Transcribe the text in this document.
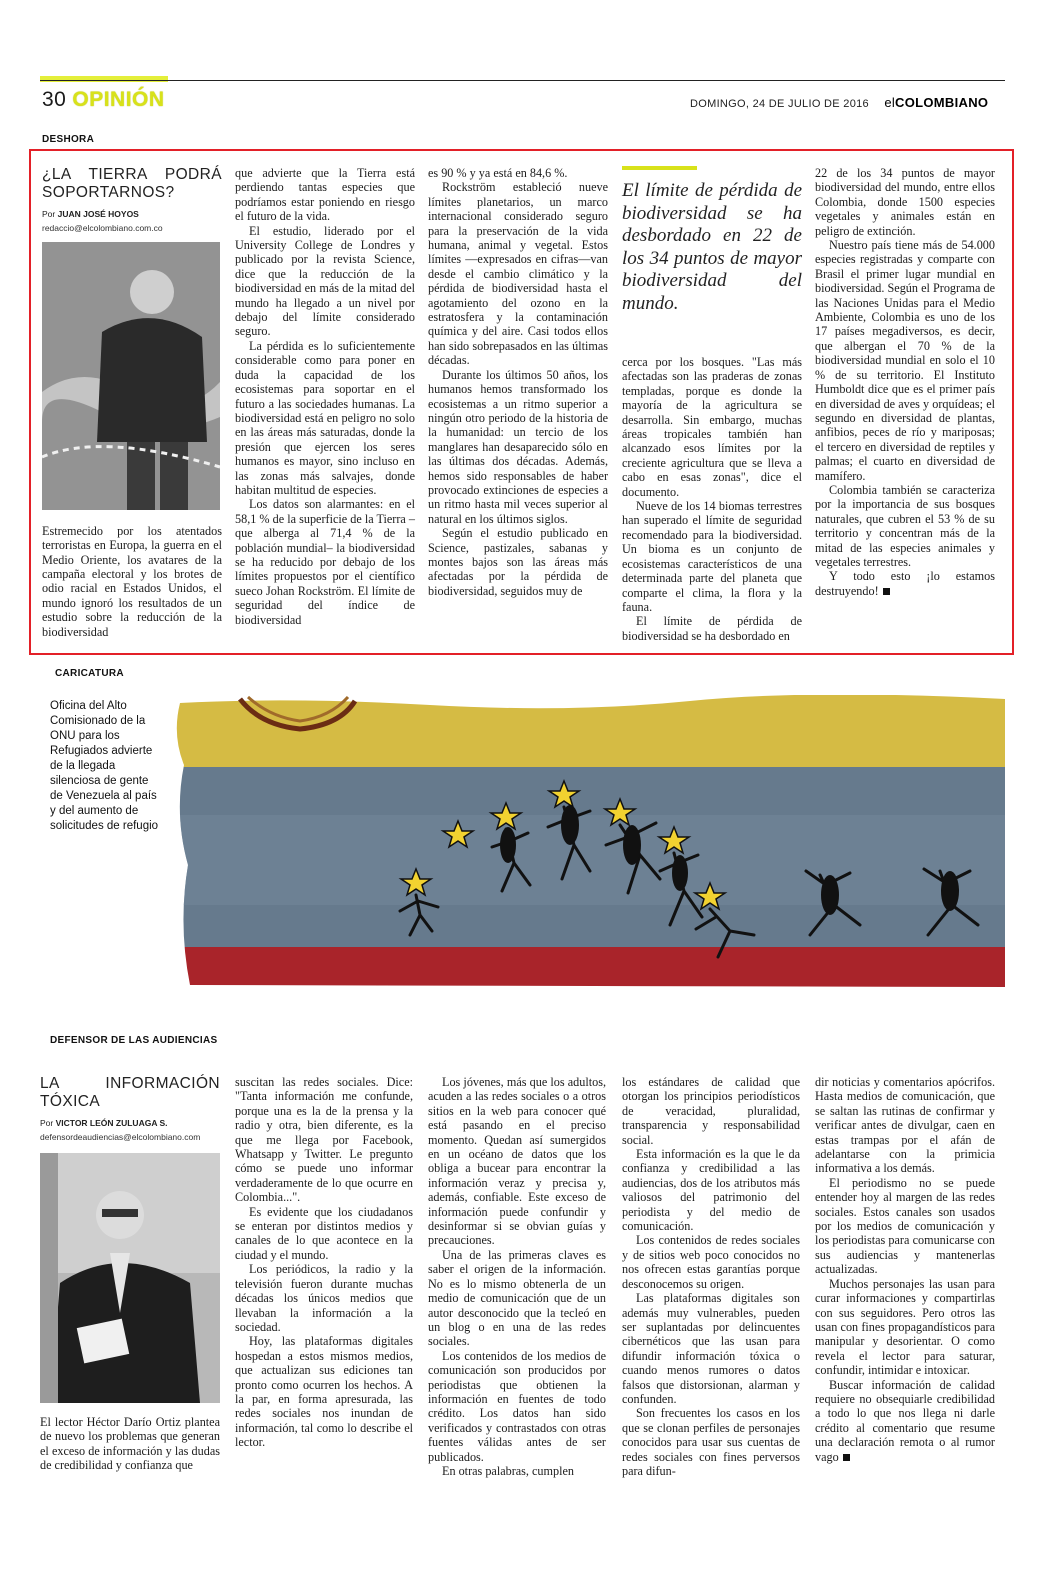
30 OPINIÓN	DOMINGO, 24 DE JULIO DE 2016 elCOLOMBIANO
DESHORA
¿LA TIERRA PODRÁ SOPORTARNOS?
Por JUAN JOSÉ HOYOS
redaccio@elcolombiano.com.co

Estremecido por los atentados terroristas en Europa, la guerra en el Medio Oriente, los avatares de la campaña electoral y los brotes de odio racial en Estados Unidos, el mundo ignoró los resultados de un estudio sobre la reducción de la biodiversidad

que advierte que la Tierra está perdiendo tantas especies que podríamos estar poniendo en riesgo el futuro de la vida.

El estudio, liderado por el University College de Londres y publicado por la revista Science, dice que la reducción de la biodiversidad en más de la mitad del mundo ha llegado a un nivel por debajo del límite considerado seguro.

La pérdida es lo suficientemente considerable como para poner en duda la capacidad de los ecosistemas para soportar en el futuro a las sociedades humanas. La biodiversidad está en peligro no solo en las áreas más saturadas, donde la presión que ejercen los seres humanos es mayor, sino incluso en las zonas más salvajes, donde habitan multitud de especies.

Los datos son alarmantes: en el 58,1 % de la superficie de la Tierra –que alberga al 71,4 % de la población mundial– la biodiversidad se ha reducido por debajo de los límites propuestos por el científico sueco Johan Rockström. El límite de seguridad del índice de biodiversidad

es 90 % y ya está en 84,6 %.

Rockström estableció nueve límites planetarios, un marco internacional considerado seguro para la preservación de la vida humana, animal y vegetal. Estos límites —expresados en cifras—van desde el cambio climático y la pérdida de biodiversidad hasta el agotamiento del ozono en la estratosfera y la contaminación química y del aire. Casi todos ellos han sido sobrepasados en las últimas décadas.

Durante los últimos 50 años, los humanos hemos transformado los ecosistemas a un ritmo superior a ningún otro periodo de la historia de la humanidad: un tercio de los manglares han desaparecido sólo en las últimas dos décadas. Además, hemos sido responsables de haber provocado extinciones de especies a un ritmo hasta mil veces superior al natural en los últimos siglos.

Según el estudio publicado en Science, pastizales, sabanas y montes bajos son las áreas más afectadas por la pérdida de biodiversidad, seguidos muy de

El límite de pérdida de biodiversidad se ha desbordado en 22 de los 34 puntos de mayor biodiversidad del mundo.

cerca por los bosques. "Las más afectadas son las praderas de zonas templadas, porque es donde la mayoría de la agricultura se desarrolla. Sin embargo, muchas áreas tropicales también han alcanzado esos límites por la creciente agricultura que se lleva a cabo en esas zonas", dice el documento.

Nueve de los 14 biomas terrestres han superado el límite de seguridad recomendado para la biodiversidad. Un bioma es un conjunto de ecosistemas característicos de una determinada parte del planeta que comparte el clima, la flora y la fauna.

El límite de pérdida de biodiversidad se ha desbordado en

22 de los 34 puntos de mayor biodiversidad del mundo, entre ellos Colombia, donde 1500 especies vegetales y animales están en peligro de extinción.

Nuestro país tiene más de 54.000 especies registradas y comparte con Brasil el primer lugar mundial en biodiversidad. Según el Programa de las Naciones Unidas para el Medio Ambiente, Colombia es uno de los 17 países megadiversos, es decir, que albergan el 70 % de la biodiversidad mundial en solo el 10 % de su territorio. El Instituto Humboldt dice que es el primer país en diversidad de aves y orquídeas; el segundo en diversidad de plantas, anfibios, peces de río y mariposas; el tercero en diversidad de reptiles y palmas; el cuarto en diversidad de mamífero.

Colombia también se caracteriza por la importancia de sus bosques naturales, que cubren el 53 % de su territorio y concentran más de la mitad de las especies animales y vegetales terrestres.

Y todo esto ¡lo estamos destruyendo!

CARICATURA
Oficina del Alto Comisionado de la ONU para los Refugiados advierte de la llegada silenciosa de gente de Venezuela al país y del aumento de solicitudes de refugio
DEFENSOR DE LAS AUDIENCIAS
LA INFORMACIÓN TÓXICA
Por VICTOR LEÓN ZULUAGA S.
defensordeaudiencias@elcolombiano.com

El lector Héctor Darío Ortiz plantea de nuevo los problemas que generan el exceso de información y las dudas de credibilidad y confianza que

suscitan las redes sociales. Dice: "Tanta información me confunde, porque una es la de la prensa y la radio y otra, bien diferente, es la que me llega por Facebook, Whatsapp y Twitter. Le pregunto cómo se puede uno informar verdaderamente de lo que ocurre en Colombia...".

Es evidente que los ciudadanos se enteran por distintos medios y canales de lo que acontece en la ciudad y el mundo.

Los periódicos, la radio y la televisión fueron durante muchas décadas los únicos medios que llevaban la información a la sociedad.

Hoy, las plataformas digitales hospedan a estos mismos medios, que actualizan sus ediciones tan pronto como ocurren los hechos. A la par, en forma apresurada, las redes sociales nos inundan de información, tal como lo describe el lector.

Los jóvenes, más que los adultos, acuden a las redes sociales o a otros sitios en la web para conocer qué está pasando en el preciso momento. Quedan así sumergidos en un océano de datos que los obliga a bucear para encontrar la información veraz y precisa y, además, confiable. Este exceso de información puede confundir y desinformar si se obvian guías y precauciones.

Una de las primeras claves es saber el origen de la información. No es lo mismo obtenerla de un medio de comunicación que de un autor desconocido que la tecleó en un blog o en una de las redes sociales.

Los contenidos de los medios de comunicación son producidos por periodistas que obtienen la información en fuentes de todo crédito. Los datos han sido verificados y contrastados con otras fuentes válidas antes de ser publicados.

En otras palabras, cumplen

los estándares de calidad que otorgan los principios periodísticos de veracidad, pluralidad, transparencia y responsabilidad social.

Esta información es la que le da confianza y credibilidad a las audiencias, dos de los atributos más valiosos del patrimonio del periodista y del medio de comunicación.

Los contenidos de redes sociales y de sitios web poco conocidos no nos ofrecen estas garantías porque desconocemos su origen.

Las plataformas digitales son además muy vulnerables, pueden ser suplantadas por delincuentes cibernéticos que las usan para difundir información tóxica o cuando menos rumores o datos falsos que distorsionan, alarman y confunden.

Son frecuentes los casos en los que se clonan perfiles de personajes conocidos para usar sus cuentas de redes sociales con fines perversos para difun-

dir noticias y comentarios apócrifos. Hasta medios de comunicación, que se saltan las rutinas de confirmar y verificar antes de divulgar, caen en estas trampas por el afán de adelantarse con la primicia informativa a los demás.

El periodismo no se puede entender hoy al margen de las redes sociales. Estos canales son usados por los medios de comunicación y los periodistas para comunicarse con sus audiencias y mantenerlas actualizadas.

Muchos personajes las usan para curar informaciones y compartirlas con sus seguidores. Pero otros las usan con fines propagandísticos para manipular y desorientar. O como revela el lector para saturar, confundir, intimidar e intoxicar.

Buscar información de calidad requiere no obsequiarle credibilidad a todo lo que nos llega ni darle crédito al comentario que resume una declaración remota o al rumor vago
